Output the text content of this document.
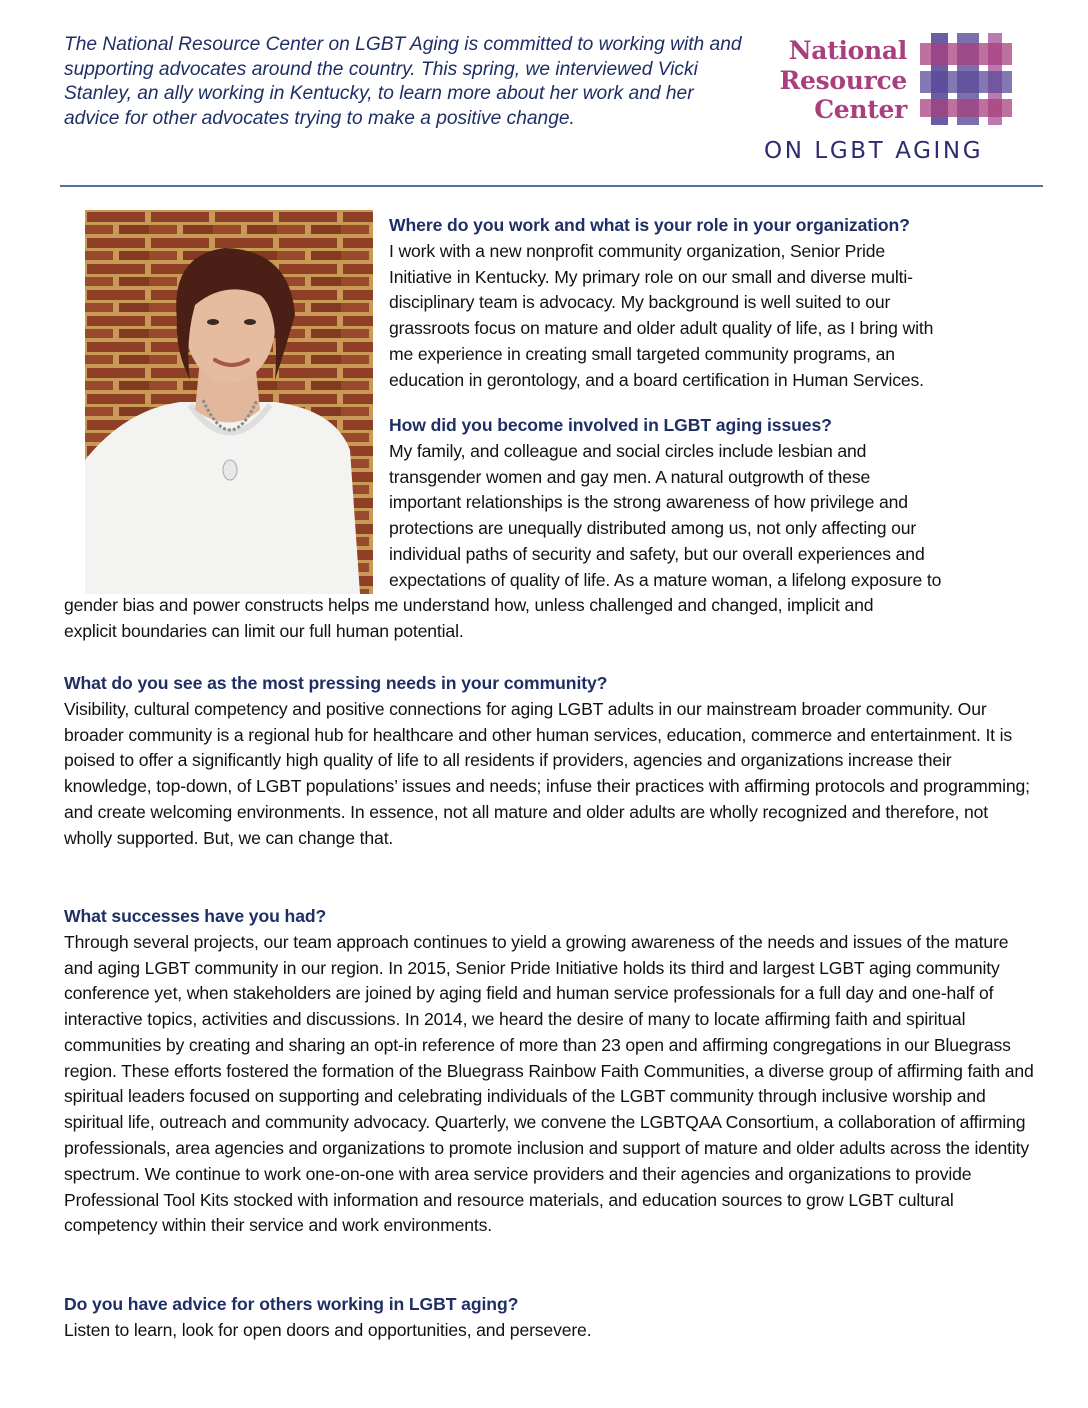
The National Resource Center on LGBT Aging is committed to working with and supporting advocates around the country. This spring, we interviewed Vicki Stanley, an ally working in Kentucky, to learn more about her work and her advice for other advocates trying to make a positive change.

National
Resource
Center
ON LGBT AGING

Where do you work and what is your role in your organization?

I work with a new nonprofit community organization, Senior Pride

Initiative in Kentucky. My primary role on our small and diverse multi-

disciplinary team is advocacy. My background is well suited to our

grassroots focus on mature and older adult quality of life, as I bring with

me experience in creating small targeted community programs, an

education in gerontology, and a board certification in Human Services.

How did you become involved in LGBT aging issues?

My family, and colleague and social circles include lesbian and

transgender women and gay men. A natural outgrowth of these

important relationships is the strong awareness of how privilege and

protections are unequally distributed among us, not only affecting our

individual paths of security and safety, but our overall experiences and

expectations of quality of life. As a mature woman, a lifelong exposure to

gender bias and power constructs helps me understand how, unless challenged and changed, implicit and

explicit boundaries can limit our full human potential.

What do you see as the most pressing needs in your community?

Visibility, cultural competency and positive connections for aging LGBT adults in our mainstream broader community. Our broader community is a regional hub for healthcare and other human services, education, commerce and entertainment. It is poised to offer a significantly high quality of life to all residents if providers, agencies and organizations increase their knowledge, top-down, of LGBT populations’ issues and needs; infuse their practices with affirming protocols and programming; and create welcoming environments. In essence, not all mature and older adults are wholly recognized and therefore, not wholly supported. But, we can change that.

What successes have you had?

Through several projects, our team approach continues to yield a growing awareness of the needs and issues of the mature and aging LGBT community in our region. In 2015, Senior Pride Initiative holds its third and largest LGBT aging community conference yet, when stakeholders are joined by aging field and human service professionals for a full day and one-half of interactive topics, activities and discussions. In 2014, we heard the desire of many to locate affirming faith and spiritual communities by creating and sharing an opt-in reference of more than 23 open and affirming congregations in our Bluegrass region. These efforts fostered the formation of the Bluegrass Rainbow Faith Communities, a diverse group of affirming faith and spiritual leaders focused on supporting and celebrating individuals of the LGBT community through inclusive worship and spiritual life, outreach and community advocacy. Quarterly, we convene the LGBTQAA Consortium, a collaboration of affirming professionals, area agencies and organizations to promote inclusion and support of mature and older adults across the identity spectrum. We continue to work one-on-one with area service providers and their agencies and organizations to provide Professional Tool Kits stocked with information and resource materials, and education sources to grow LGBT cultural competency within their service and work environments.

Do you have advice for others working in LGBT aging?

Listen to learn, look for open doors and opportunities, and persevere.
